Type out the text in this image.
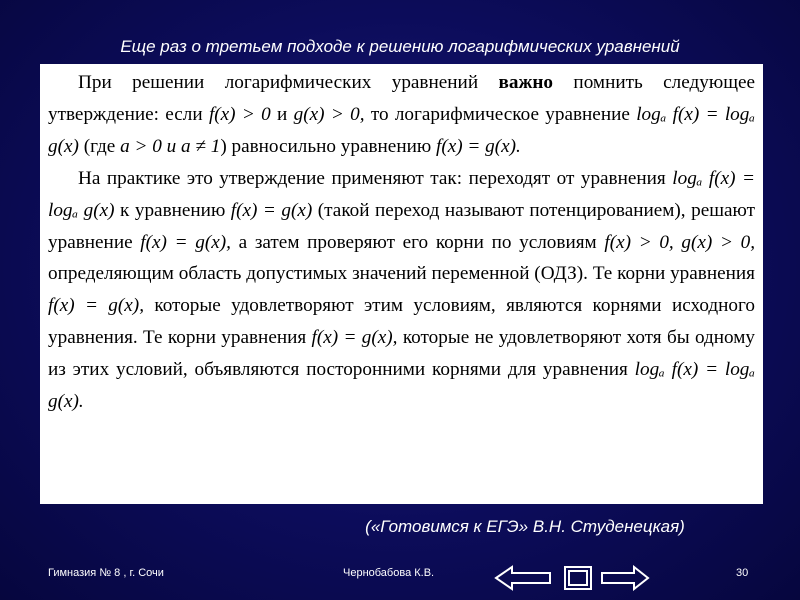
Еще раз о третьем подходе к решению логарифмических уравнений

При решении логарифмических уравнений важно помнить следующее утверждение: если f(x) > 0 и g(x) > 0, то логарифмическое уравнение logₐ f(x) = logₐ g(x) (где a > 0 и a ≠ 1) равносильно уравнению f(x) = g(x).

На практике это утверждение применяют так: переходят от уравнения logₐ f(x) = logₐ g(x) к уравнению f(x) = g(x) (такой переход называют потенцированием), решают уравнение f(x) = g(x), а затем проверяют его корни по условиям f(x) > 0, g(x) > 0, определяющим область допустимых значений переменной (ОДЗ). Те корни уравнения f(x) = g(x), которые удовлетворяют этим условиям, являются корнями исходного уравнения. Те корни уравнения f(x) = g(x), которые не удовлетворяют хотя бы одному из этих условий, объявляются посторонними корнями для уравнения logₐ f(x) = logₐ g(x).

(«Готовимся к ЕГЭ» В.Н. Студенецкая)
Гимназия № 8 , г. Сочи	Чернобабова К.В.	30
